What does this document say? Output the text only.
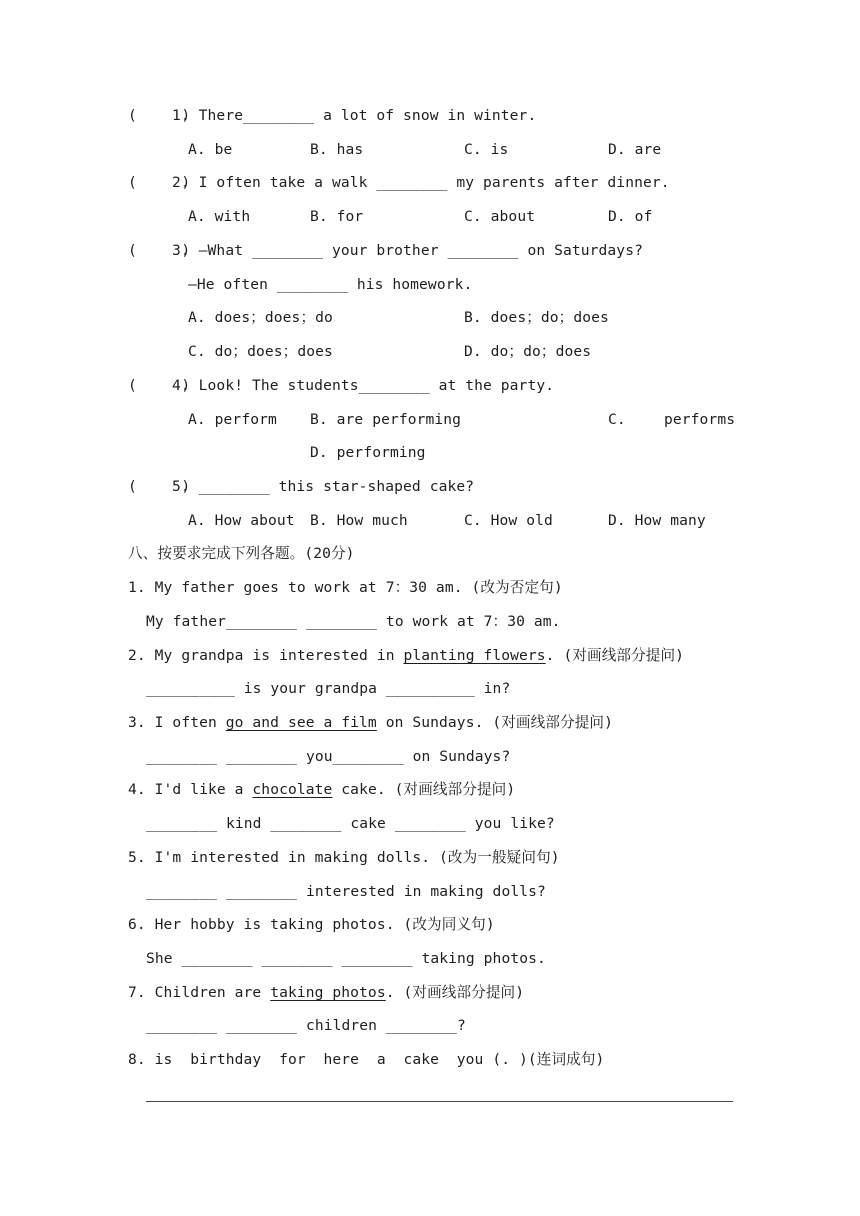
(     )
1. There________ a lot of snow in winter.
A. be	B. has	C. is	D. are
(     )
2. I often take a walk ________ my parents after dinner.
A. with	B. for	C. about	D. of
(     )
3. —What ________ your brother ________ on Saturdays?
—He often ________ his homework.
A. does；does；do	B. does；do；does
C. do；does；does	D. do；do；does
(     )
4. Look! The students________ at the party.
A. perform B. are performing	C.	performs
D. performing
(     )
5. ________ this star-shaped cake?
A. How about B. How much	C. How old	D. How many
八、按要求完成下列各题。(20分)
1. My father goes to work at 7：30 am. (改为否定句)
My father________ ________ to work at 7：30 am.
2. My grandpa is interested in planting flowers. (对画线部分提问)
__________ is your grandpa __________ in?
3. I often go and see a film on Sundays. (对画线部分提问)
________ ________ you________ on Sundays?
4. I'd like a chocolate cake. (对画线部分提问)
________ kind ________ cake ________ you like?
5. I'm interested in making dolls. (改为一般疑问句)
________ ________ interested in making dolls?
6. Her hobby is taking photos. (改为同义句)
She ________ ________ ________ taking photos.
7. Children are taking photos. (对画线部分提问)
________ ________ children ________?
8. is  birthday  for  here  a  cake  you (. )(连词成句)
